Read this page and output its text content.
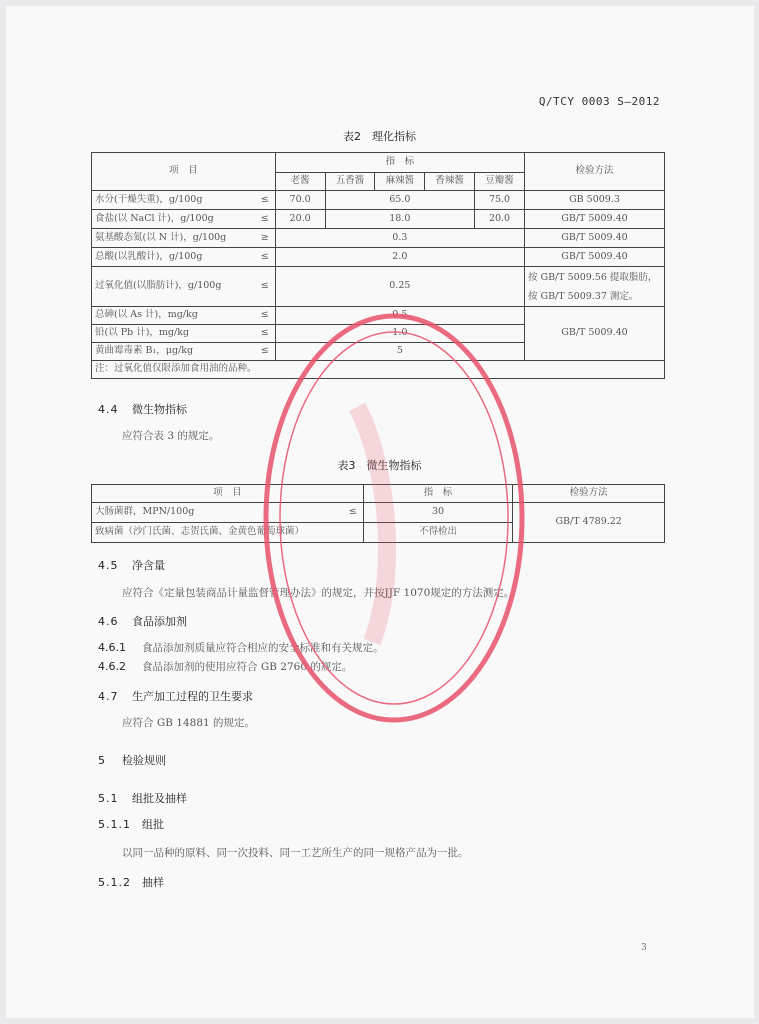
Q/TCY 0003 S—2012
表2　理化指标
项　目		指　标					检验方法
		老酱	五香酱	麻辣酱	香辣酱	豆瓣酱	
水分(干燥失重)，g/100g	≤	70.0	65.0			75.0	GB 5009.3
食盐(以 NaCl 计)，g/100g	≤	20.0	18.0			20.0	GB/T 5009.40
氨基酸态氮(以 N 计)，g/100g	≥	0.3					GB/T 5009.40
总酸(以乳酸计)，g/100g	≤	2.0					GB/T 5009.40
过氧化值(以脂肪计)，g/100g	≤	0.25					按 GB/T 5009.56 提取脂肪，
按 GB/T 5009.37 测定。

总砷(以 As 计)，mg/kg	≤	0.5					GB/T 5009.40
铅(以 Pb 计)，mg/kg	≤	1.0					
黄曲霉毒素 B₁，μg/kg	≤	5					
注：过氧化值仅限添加食用油的品种。							
4.4 微生物指标
应符合表 3 的规定。
表3　微生物指标
项　目		指　标	检验方法
大肠菌群，MPN/100g	≤	30	GB/T 4789.22
致病菌（沙门氏菌、志贺氏菌、金黄色葡萄球菌）		不得检出	
4.5 净含量
应符合《定量包装商品计量监督管理办法》的规定，并按JJF 1070规定的方法测定。
4.6 食品添加剂
4.6.1 食品添加剂质量应符合相应的安全标准和有关规定。
4.6.2 食品添加剂的使用应符合 GB 2760 的规定。
4.7 生产加工过程的卫生要求
应符合 GB 14881 的规定。
5 检验规则
5.1 组批及抽样
5.1.1 组批
以同一品种的原料、同一次投料、同一工艺所生产的同一规格产品为一批。
5.1.2 抽样
3
